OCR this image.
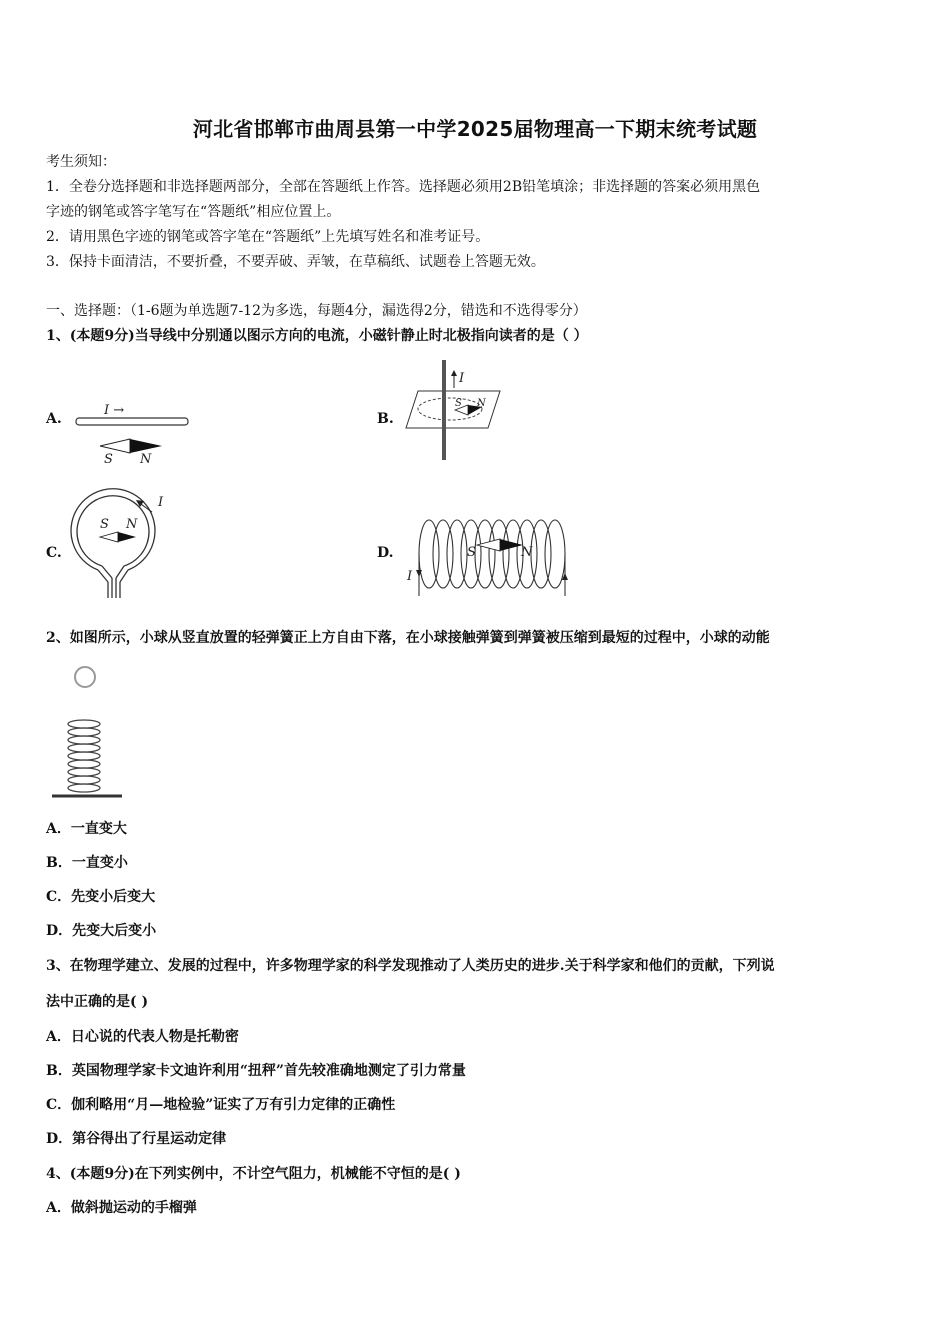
河北省邯郸市曲周县第一中学2025届物理高一下期末统考试题
考生须知：
1．全卷分选择题和非选择题两部分，全部在答题纸上作答。选择题必须用2B铅笔填涂；非选择题的答案必须用黑色
字迹的钢笔或答字笔写在“答题纸”相应位置上。
2．请用黑色字迹的钢笔或答字笔在“答题纸”上先填写姓名和准考证号。
3．保持卡面清洁，不要折叠，不要弄破、弄皱，在草稿纸、试题卷上答题无效。
一、选择题：（1-6题为单选题7-12为多选，每题4分，漏选得2分，错选和不选得零分）
1、(本题9分)当导线中分别通以图示方向的电流，小磁针静止时北极指向读者的是（ ）
A.	B.
C.	D.
I →
S N
I
S N
I
S N
I
S	N
2、如图所示，小球从竖直放置的轻弹簧正上方自由下落，在小球接触弹簧到弹簧被压缩到最短的过程中，小球的动能
A．一直变大
B．一直变小
C．先变小后变大
D．先变大后变小
3、在物理学建立、发展的过程中，许多物理学家的科学发现推动了人类历史的进步.关于科学家和他们的贡献，下列说
法中正确的是( )
A．日心说的代表人物是托勒密
B．英国物理学家卡文迪许利用“扭秤”首先较准确地测定了引力常量
C．伽利略用“月—地检验”证实了万有引力定律的正确性
D．第谷得出了行星运动定律
4、(本题9分)在下列实例中，不计空气阻力，机械能不守恒的是( )
A．做斜抛运动的手榴弹
